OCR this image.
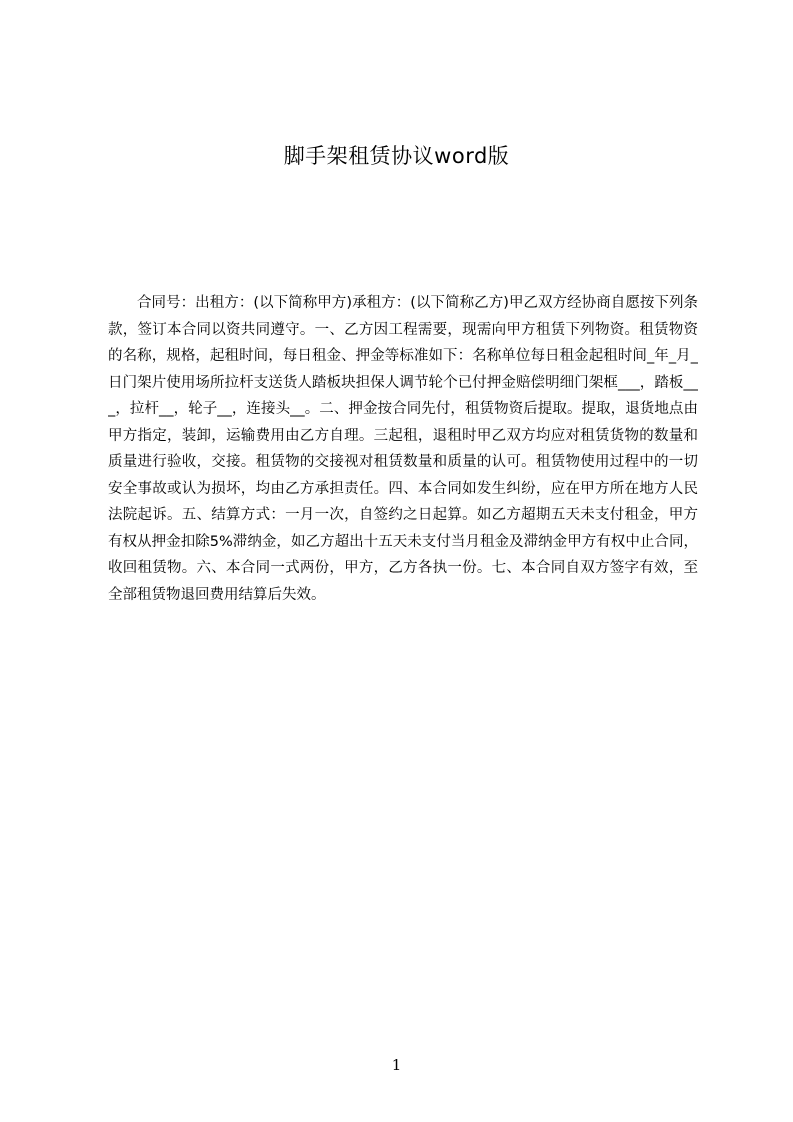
脚手架租赁协议word版

合同号：出租方：(以下简称甲方)承租方：(以下简称乙方)甲乙双方经协商自愿按下列条款，签订本合同以资共同遵守。一、乙方因工程需要，现需向甲方租赁下列物资。租赁物资的名称，规格，起租时间，每日租金、押金等标准如下：名称单位每日租金起租时间_年_月_日门架片使用场所拉杆支送货人踏板块担保人调节轮个已付押金赔偿明细门架框___，踏板___，拉杆__，轮子__，连接头__。二、押金按合同先付，租赁物资后提取。提取，退货地点由甲方指定，装卸，运输费用由乙方自理。三起租，退租时甲乙双方均应对租赁货物的数量和质量进行验收，交接。租赁物的交接视对租赁数量和质量的认可。租赁物使用过程中的一切安全事故或认为损坏，均由乙方承担责任。四、本合同如发生纠纷，应在甲方所在地方人民法院起诉。五、结算方式：一月一次，自签约之日起算。如乙方超期五天未支付租金，甲方有权从押金扣除5%滞纳金，如乙方超出十五天未支付当月租金及滞纳金甲方有权中止合同，收回租赁物。六、本合同一式两份，甲方，乙方各执一份。七、本合同自双方签字有效，至全部租赁物退回费用结算后失效。

1
